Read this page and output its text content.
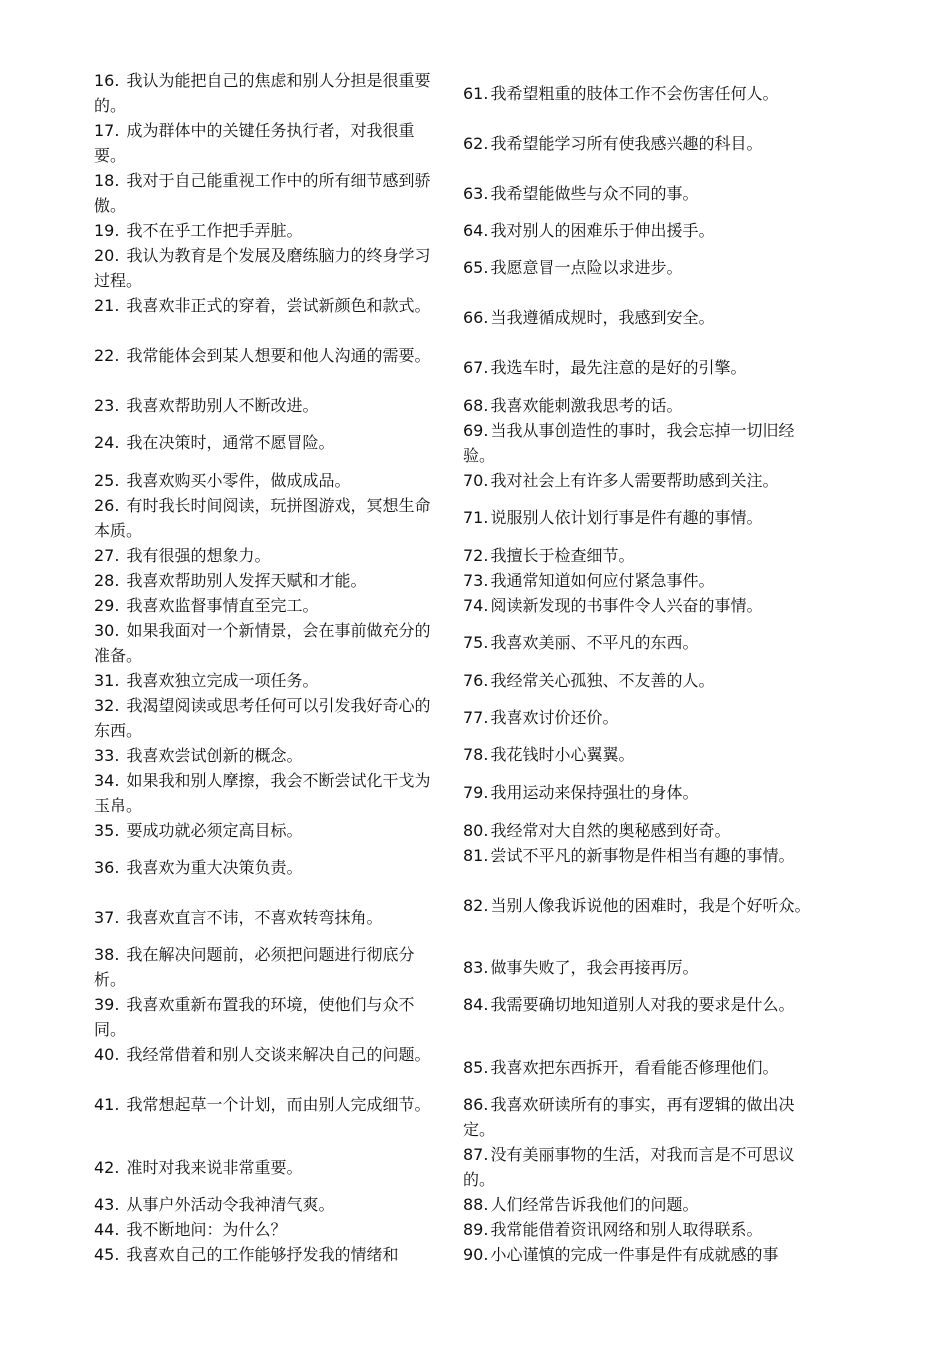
16. 我认为能把自己的焦虑和别人分担是很重要的。
17. 成为群体中的关键任务执行者，对我很重要。
18. 我对于自己能重视工作中的所有细节感到骄傲。
19. 我不在乎工作把手弄脏。
20. 我认为教育是个发展及磨练脑力的终身学习过程。
21. 我喜欢非正式的穿着，尝试新颜色和款式。
22. 我常能体会到某人想要和他人沟通的需要。
23. 我喜欢帮助别人不断改进。
24. 我在决策时，通常不愿冒险。
25. 我喜欢购买小零件，做成成品。
26. 有时我长时间阅读，玩拼图游戏，冥想生命本质。
27. 我有很强的想象力。
28. 我喜欢帮助别人发挥天赋和才能。
29. 我喜欢监督事情直至完工。
30. 如果我面对一个新情景，会在事前做充分的准备。
31. 我喜欢独立完成一项任务。
32. 我渴望阅读或思考任何可以引发我好奇心的东西。
33. 我喜欢尝试创新的概念。
34. 如果我和别人摩擦，我会不断尝试化干戈为玉帛。
35. 要成功就必须定高目标。
36. 我喜欢为重大决策负责。
37. 我喜欢直言不讳，不喜欢转弯抹角。
38. 我在解决问题前，必须把问题进行彻底分析。
39. 我喜欢重新布置我的环境，使他们与众不同。
40. 我经常借着和别人交谈来解决自己的问题。
41. 我常想起草一个计划，而由别人完成细节。
42. 准时对我来说非常重要。
43. 从事户外活动令我神清气爽。
44. 我不断地问：为什么？
45. 我喜欢自己的工作能够抒发我的情绪和
61. 我希望粗重的肢体工作不会伤害任何人。
62. 我希望能学习所有使我感兴趣的科目。
63. 我希望能做些与众不同的事。
64. 我对别人的困难乐于伸出援手。
65. 我愿意冒一点险以求进步。
66. 当我遵循成规时，我感到安全。
67. 我选车时，最先注意的是好的引擎。
68. 我喜欢能刺激我思考的话。
69. 当我从事创造性的事时，我会忘掉一切旧经验。
70. 我对社会上有许多人需要帮助感到关注。
71. 说服别人依计划行事是件有趣的事情。
72. 我擅长于检查细节。
73. 我通常知道如何应付紧急事件。
74. 阅读新发现的书事件令人兴奋的事情。
75. 我喜欢美丽、不平凡的东西。
76. 我经常关心孤独、不友善的人。
77. 我喜欢讨价还价。
78. 我花钱时小心翼翼。
79. 我用运动来保持强壮的身体。
80. 我经常对大自然的奥秘感到好奇。
81. 尝试不平凡的新事物是件相当有趣的事情。
82. 当别人像我诉说他的困难时，我是个好听众。
83. 做事失败了，我会再接再厉。
84. 我需要确切地知道别人对我的要求是什么。
85. 我喜欢把东西拆开，看看能否修理他们。
86. 我喜欢研读所有的事实，再有逻辑的做出决定。
87. 没有美丽事物的生活，对我而言是不可思议的。
88. 人们经常告诉我他们的问题。
89. 我常能借着资讯网络和别人取得联系。
90. 小心谨慎的完成一件事是件有成就感的事
